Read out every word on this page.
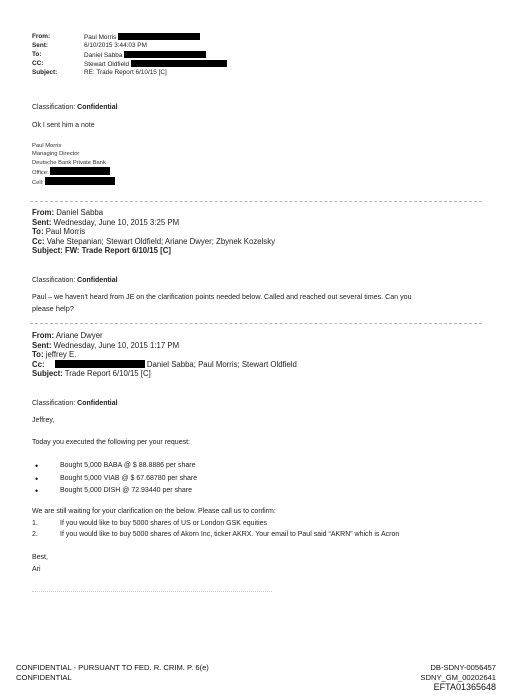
From:	Paul Morris
Sent:	6/10/2015 3:44:03 PM
To:	Daniel Sabba
CC:	Stewart Oldfield
Subject:	RE: Trade Report 6/10/15 [C]
Classification: Confidential
Ok I sent him a note
Paul Morris
Managing Director
Deutsche Bank Private Bank
Office:
Cell:
From: Daniel Sabba
Sent: Wednesday, June 10, 2015 3:25 PM
To: Paul Morris
Cc: Vahe Stepanian; Stewart Oldfield; Ariane Dwyer; Zbynek Kozelsky
Subject: FW: Trade Report 6/10/15 [C]
Classification: Confidential
Paul – we haven't heard from JE on the clarification points needed below. Called and reached out several times. Can you
please help?
From: Ariane Dwyer
Sent: Wednesday, June 10, 2015 1:17 PM
To: jeffrey E.
Cc:	Daniel Sabba; Paul Morris; Stewart Oldfield
Subject: Trade Report 6/10/15 [C]
Classification: Confidential
Jeffrey,
Today you executed the following per your request:
•	Bought 5,000 BABA @ $ 88.8886 per share
•	Bought 5,000 VIAB @ $ 67.68780 per share
•	Bought 5,000 DISH @ 72.93440 per share
We are still waiting for your clarification on the below. Please call us to confirm:
1.	If you would like to buy 5000 shares of US or London GSK equities
2.	If you would like to buy 5000 shares of Akorn Inc, ticker AKRX. Your email to Paul said “AKRN” which is Acron
Best,
Ari
CONFIDENTIAL - PURSUANT TO FED. R. CRIM. P. 6(e)
CONFIDENTIAL
DB-SDNY-0056457
SDNY_GM_00202641
EFTA01365648
